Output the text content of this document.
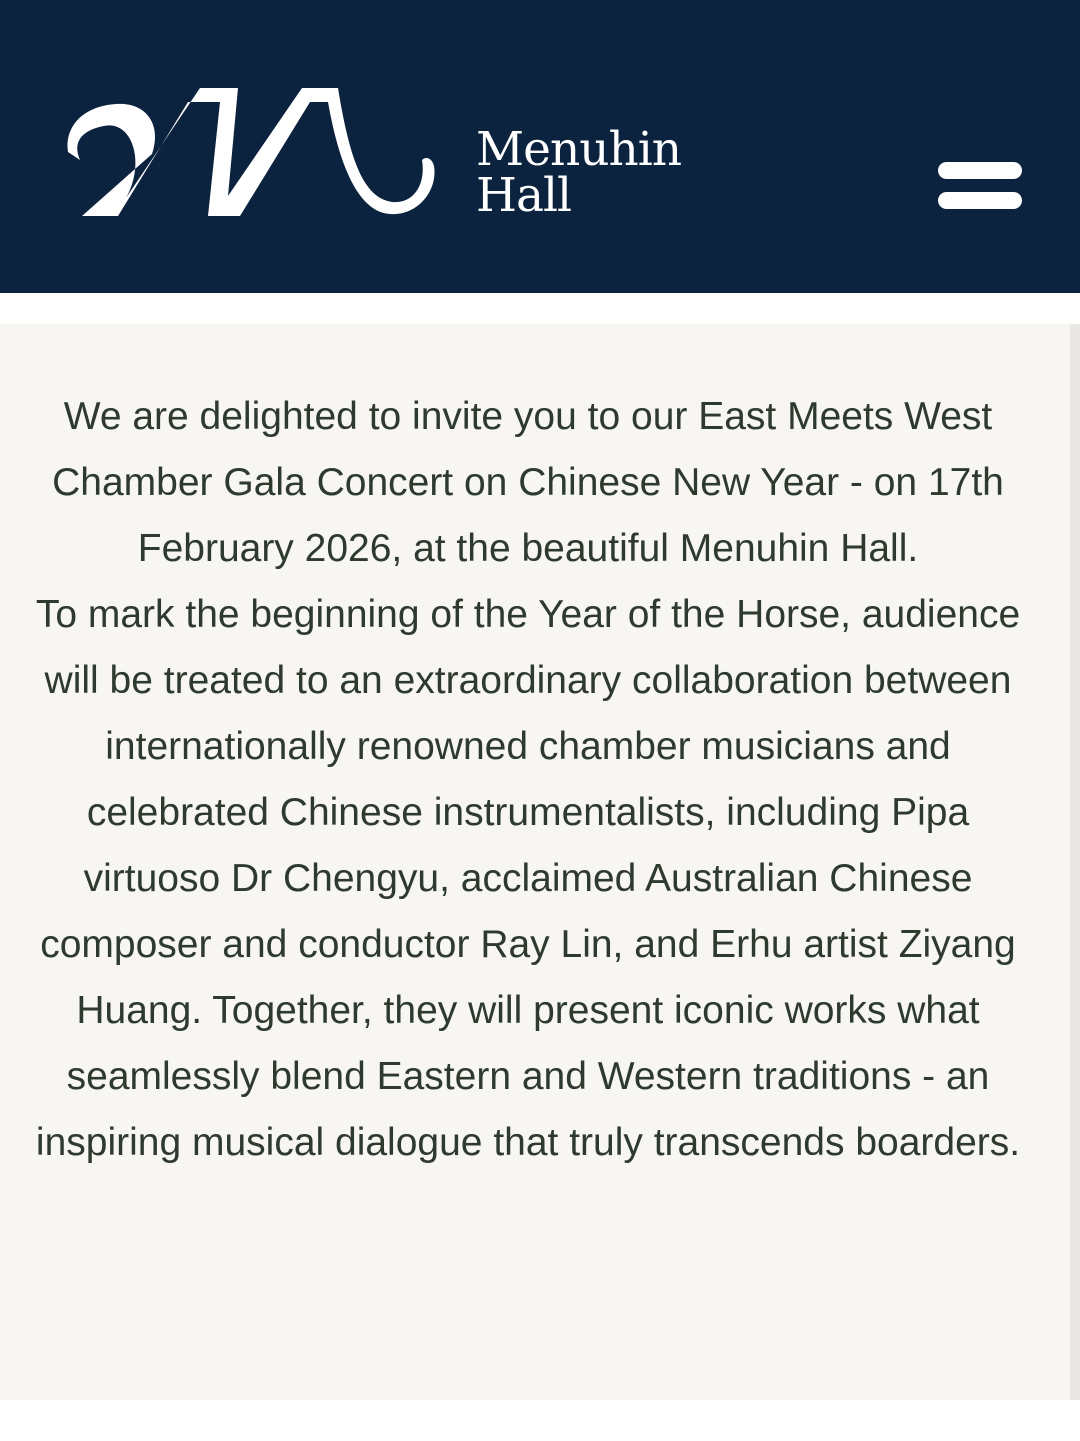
Menuhin
Hall

We are delighted to invite you to our East Meets West Chamber Gala Concert on Chinese New Year - on 17th February 2026, at the beautiful Menuhin Hall.

To mark the beginning of the Year of the Horse, audience will be treated to an extraordinary collaboration between internationally renowned chamber musicians and celebrated Chinese instrumentalists, including Pipa virtuoso Dr Chengyu, acclaimed Australian Chinese composer and conductor Ray Lin, and Erhu artist Ziyang Huang. Together, they will present iconic works what seamlessly blend Eastern and Western traditions - an inspiring musical dialogue that truly transcends boarders.
